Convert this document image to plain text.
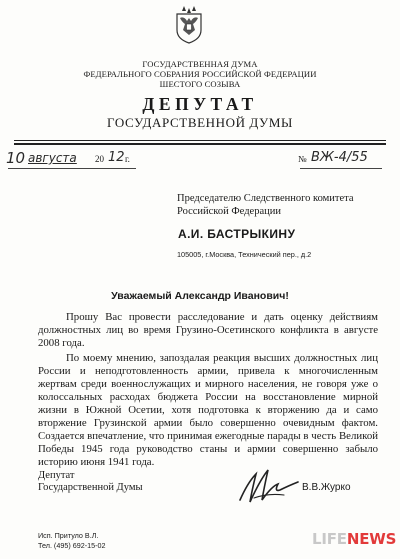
ГОСУДАРСТВЕННАЯ ДУМА
ФЕДЕРАЛЬНОГО СОБРАНИЯ РОССИЙСКОЙ ФЕДЕРАЦИИ
ШЕСТОГО СОЗЫВА
ДЕПУТАТ
ГОСУДАРСТВЕННОЙ ДУМЫ
10 августа 20 12 г.	№ ВЖ-4/55
Председателю Следственного комитета
Российской Федерации
А.И. БАСТРЫКИНУ
105005, г.Москва, Технический пер., д.2
Уважаемый Александр Иванович!
Прошу Вас провести расследование и дать оценку действиям должностных лиц во время Грузино-Осетинского конфликта в августе 2008 года.
По моему мнению, запоздалая реакция высших должностных лиц России и неподготовленность армии, привела к многочисленным жертвам среди военнослужащих и мирного населения, не говоря уже о колоссальных расходах бюджета России на восстановление мирной жизни в Южной Осетии, хотя подготовка к вторжению да и само вторжение Грузинской армии было совершенно очевидным фактом. Создается впечатление, что принимая ежегодные парады в честь Великой Победы 1945 года руководство станы и армии совершенно забыло историю июня 1941 года.
Депутат
Государственной Думы	В.В.Журко
Исп. Притуло В.Л.
Тел. (495) 692-15-02	LIFENEWS
